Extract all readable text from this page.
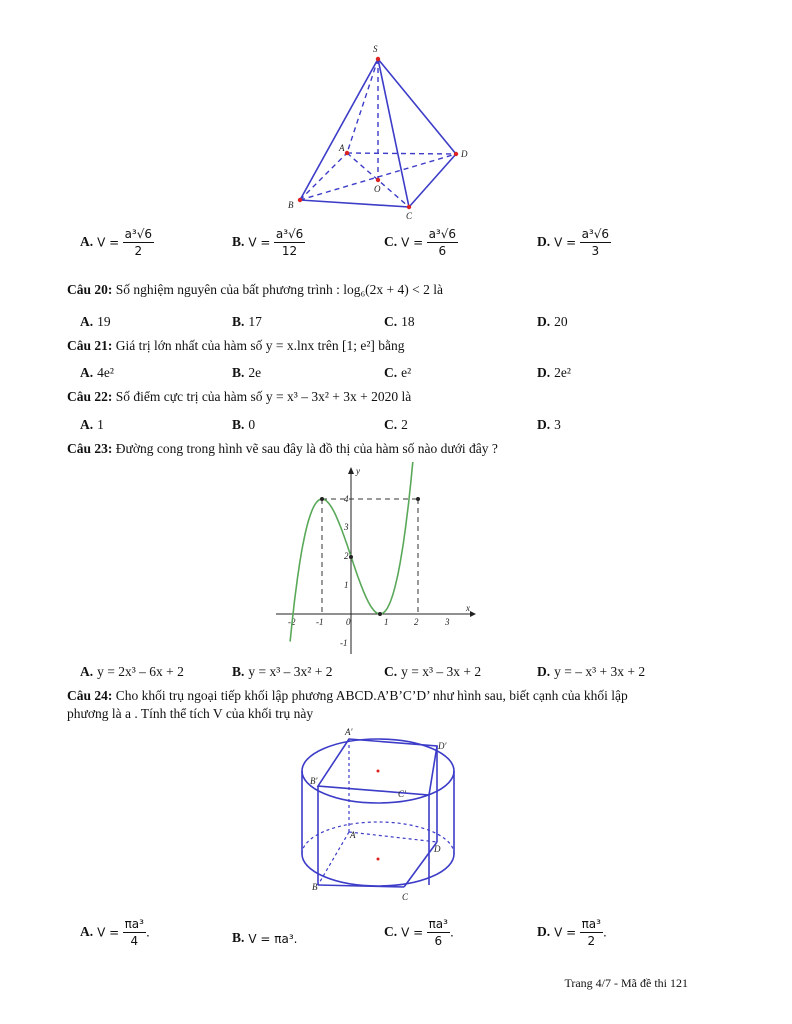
S
A
D
O
B
C
A. $V = \frac{\text{a³√6}}{2}$	B. $V = \frac{\text{a³√6}}{12}$	C. $V = \frac{\text{a³√6}}{6}$	D. $V = \frac{\text{a³√6}}{3}$
Câu 20: Số nghiệm nguyên của bất phương trình : log₆(2x + 4) < 2 là
A. 19	B. 17	C. 18	D. 20
Câu 21: Giá trị lớn nhất của hàm số y = x.lnx trên [1; e²] bằng
A. 4e²	B. 2e	C. e²	D. 2e²
Câu 22: Số điểm cực trị của hàm số y = x³ – 3x² + 3x + 2020 là
A. 1	B. 0	C. 2	D. 3
Câu 23: Đường cong trong hình vẽ sau đây là đồ thị của hàm số nào dưới đây ?
y
x
-2 -1	0	1	2	3
4
3
2
1
-1
A. y = 2x³ – 6x + 2	B. y = x³ – 3x² + 2	C. y = x³ – 3x + 2	D. y = – x³ + 3x + 2
Câu 24: Cho khối trụ ngoại tiếp khối lập phương ABCD.A’B’C’D’ như hình sau, biết cạnh của khối lập
phương là a . Tính thể tích V của khối trụ này
A′
D′
B′
C′
A
D
B
C
A. $V = \frac{\text{πa³}}{4}$ .	B. V = πa³.
C. $V = \frac{\text{πa³}}{6}$ .	D. $V = \frac{\text{πa³}}{2}$ .
Trang 4/7 - Mã đề thi 121
